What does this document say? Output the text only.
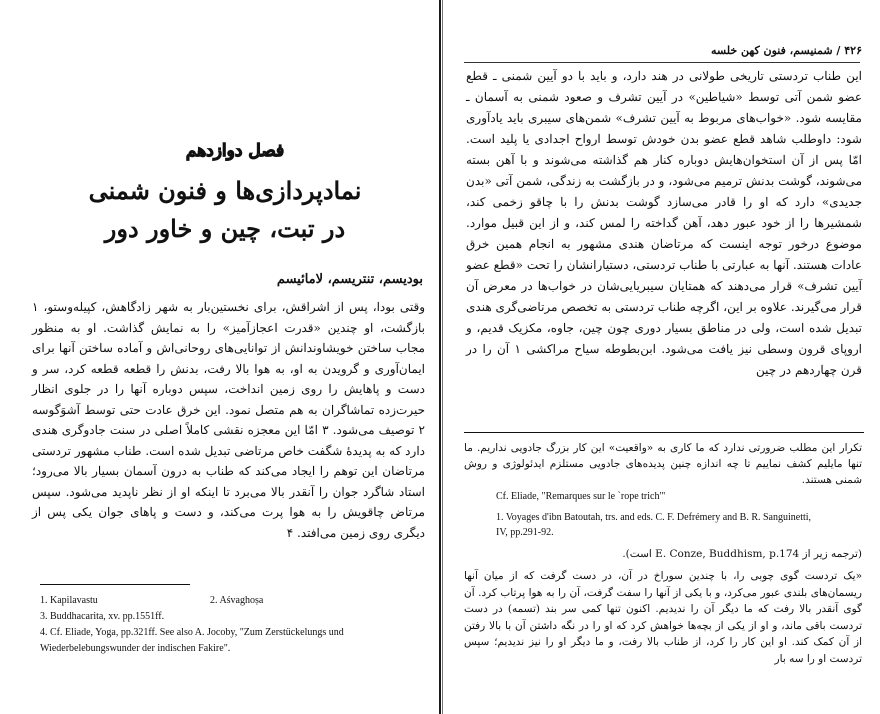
فصل دوازدهم
نمادپردازی‌ها و فنون شمنی
در تبت، چین و خاور دور
بودیسم، تنتریسم، لامائیسم

وقتی بودا، پس از اشراقش، برای نخستین‌بار به شهر زادگاهش، کپیله‌وستو، ۱ بازگشت، او چندین «قدرت اعجازآمیز» را به نمایش گذاشت. او به منظور مجاب ساختن خویشاوندانش از توانایی‌های روحانی‌اش و آماده ساختن آنها برای ایمان‌آوری و گرویدن به او، به هوا بالا رفت، بدنش را قطعه قطعه کرد، سر و دست و پاهایش را روی زمین انداخت، سپس دوباره آنها را در جلوی انظار حیرت‌زده تماشاگران به هم متصل نمود. این خرق عادت حتی توسط آشوَگوسه ۲ توصیف می‌شود. ۳ امّا این معجزه نقشی کاملاً اصلی در سنت جادوگری هندی دارد که به پدیدهٔ شگفت خاص مرتاضی تبدیل شده است. طناب مشهور تردستی مرتاضان این توهم را ایجاد می‌کند که طناب به درون آسمان بسیار بالا می‌رود؛ استاد شاگرد جوان را آنقدر بالا می‌برد تا اینکه او از نظر ناپدید می‌شود. سپس مرتاض چاقویش را به هوا پرت می‌کند، و دست و پاهای جوان یکی پس از دیگری روی زمین می‌افتد. ۴

1. Kapilavastu	2. Aśvaghoṣa
3. Buddhacarita, xv. pp.1551ff.
4. Cf. Eliade, Yoga, pp.321ff. See also A. Jocoby, "Zum Zerstückelungs und
Wiederbelebungswunder der indischen Fakire".
۴۲۶ / شمنیسم، فنون کهن خلسه

این طناب تردستی تاریخی طولانی در هند دارد، و باید با دو آیین شمنی ـ قطع عضو شمن آتی توسط «شیاطین» در آیین تشرف و صعود شمنی به آسمان ـ مقایسه شود. «خواب‌های مربوط به آیین تشرف» شمن‌های سیبری باید یادآوری شود: داوطلب شاهد قطع عضو بدن خودش توسط ارواح اجدادی یا پلید است. امّا پس از آن استخوان‌هایش دوباره کنار هم گذاشته می‌شوند و با آهن بسته می‌شوند، گوشت بدنش ترمیم می‌شود، و در بازگشت به زندگی، شمن آتی «بدن جدیدی» دارد که او را قادر می‌سازد گوشت بدنش را با چاقو زخمی کند، شمشیرها را از خود عبور دهد، آهن گداخته را لمس کند، و از این قبیل موارد. موضوع درخور توجه اینست که مرتاضان هندی مشهور به انجام همین خرق عادات هستند. آنها به عبارتی با طناب تردستی، دستیارانشان را تحت «قطع عضو آیین تشرف» قرار می‌دهند که همتایان سیبریایی‌شان در خواب‌ها در معرض آن قرار می‌گیرند. علاوه بر این، اگرچه طناب تردستی به تخصص مرتاضی‌گری هندی تبدیل شده است، ولی در مناطق بسیار دوری چون چین، جاوه، مکزیک قدیم، و اروپای قرون وسطی نیز یافت می‌شود. ابن‌بطوطه سیاح مراکشی ۱ آن را در قرن چهاردهم در چین

تکرار این مطلب ضرورتی ندارد که ما کاری به «واقعیت» این کار بزرگ جادویی نداریم. ما تنها مایلیم کشف نماییم تا چه اندازه چنین پدیده‌های جادویی مستلزم ایدئولوژی و روش شمنی هستند.

Cf. Eliade, "Remarques sur le `rope trich'"

1. Voyages d'ibn Batoutah, trs. and eds. C. F. Defrémery and B. R. Sanguinetti,
IV, pp.291-92.

(ترجمه زیر از E. Conze, Buddhism, p.174 است).

«یک تردست گوی چوبی را، با چندین سوراخ در آن، در دست گرفت که از میان آنها ریسمان‌های بلندی عبور می‌کرد، و با یکی از آنها را سفت گرفت، آن را به هوا پرتاب کرد. آن گوی آنقدر بالا رفت که ما دیگر آن را ندیدیم. اکنون تنها کمی سر بند (تسمه) در دست تردست باقی ماند، و او از یکی از بچه‌ها خواهش کرد که او را در نگه داشتن آن با بالا رفتن از آن کمک کند. او این کار را کرد، از طناب بالا رفت، و ما دیگر او را نیز ندیدیم؛ سپس تردست او را سه بار
